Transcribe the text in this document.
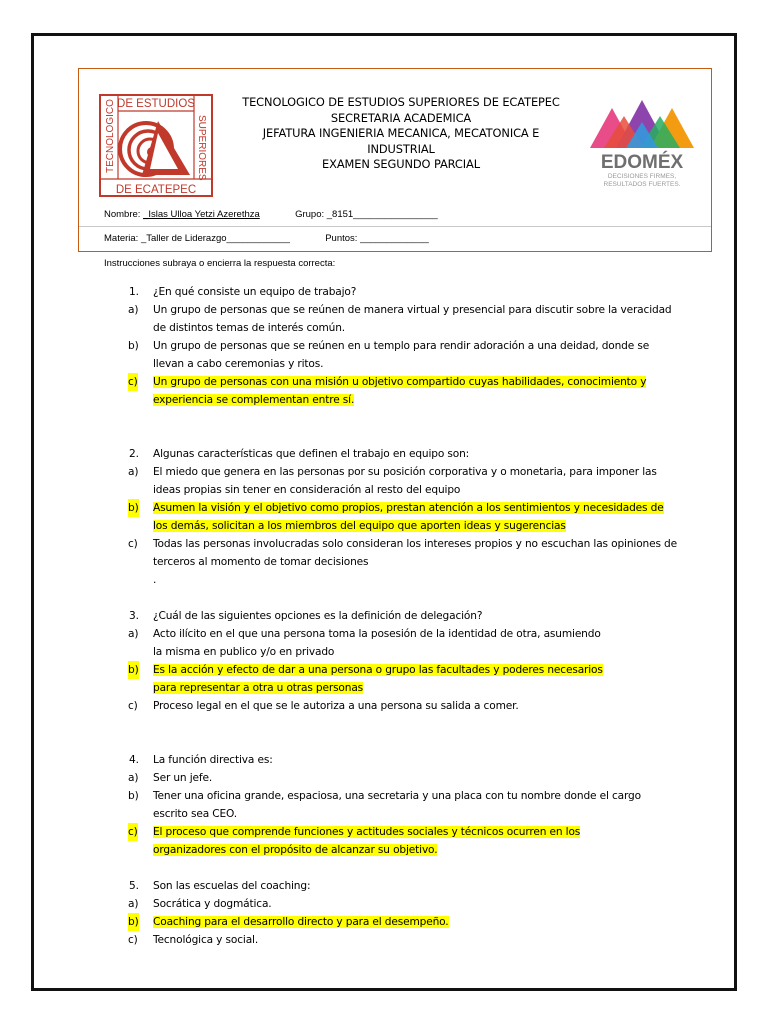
DE ESTUDIOS
TECNOLOGICO	SUPERIORES
DE ECATEPEC
TECNOLOGICO DE ESTUDIOS SUPERIORES DE ECATEPEC
SECRETARIA ACADEMICA
JEFATURA INGENIERIA MECANICA, MECATONICA E
INDUSTRIAL
EXAMEN SEGUNDO PARCIAL	EDOMÉX
DECISIONES FIRMES,
RESULTADOS FUERTES.
Nombre: _Islas Ulloa Yetzi Azerethza	Grupo: _8151________________
Materia: _Taller de Liderazgo____________	Puntos: _____________
Instrucciones subraya o encierra la respuesta correcta:
1. ¿En qué consiste un equipo de trabajo?
a) Un grupo de personas que se reúnen de manera virtual y presencial para discutir sobre la veracidad
de distintos temas de interés común.
b) Un grupo de personas que se reúnen en u templo para rendir adoración a una deidad, donde se
llevan a cabo ceremonias y ritos.
c) Un grupo de personas con una misión u objetivo compartido cuyas habilidades, conocimiento y
experiencia se complementan entre sí.
2. Algunas características que definen el trabajo en equipo son:
a) El miedo que genera en las personas por su posición corporativa y o monetaria, para imponer las
ideas propias sin tener en consideración al resto del equipo
b) Asumen la visión y el objetivo como propios, prestan atención a los sentimientos y necesidades de
los demás, solicitan a los miembros del equipo que aporten ideas y sugerencias
c) Todas las personas involucradas solo consideran los intereses propios y no escuchan las opiniones de
terceros al momento de tomar decisiones
.
3. ¿Cuál de las siguientes opciones es la definición de delegación?
a) Acto ilícito en el que una persona toma la posesión de la identidad de otra, asumiendo
la misma en publico y/o en privado
b) Es la acción y efecto de dar a una persona o grupo las facultades y poderes necesarios
para representar a otra u otras personas
c) Proceso legal en el que se le autoriza a una persona su salida a comer.
4. La función directiva es:
a) Ser un jefe.
b) Tener una oficina grande, espaciosa, una secretaria y una placa con tu nombre donde el cargo
escrito sea CEO.
c) El proceso que comprende funciones y actitudes sociales y técnicos ocurren en los
organizadores con el propósito de alcanzar su objetivo.
5. Son las escuelas del coaching:
a) Socrática y dogmática.
b) Coaching para el desarrollo directo y para el desempeño.
c) Tecnológica y social.
